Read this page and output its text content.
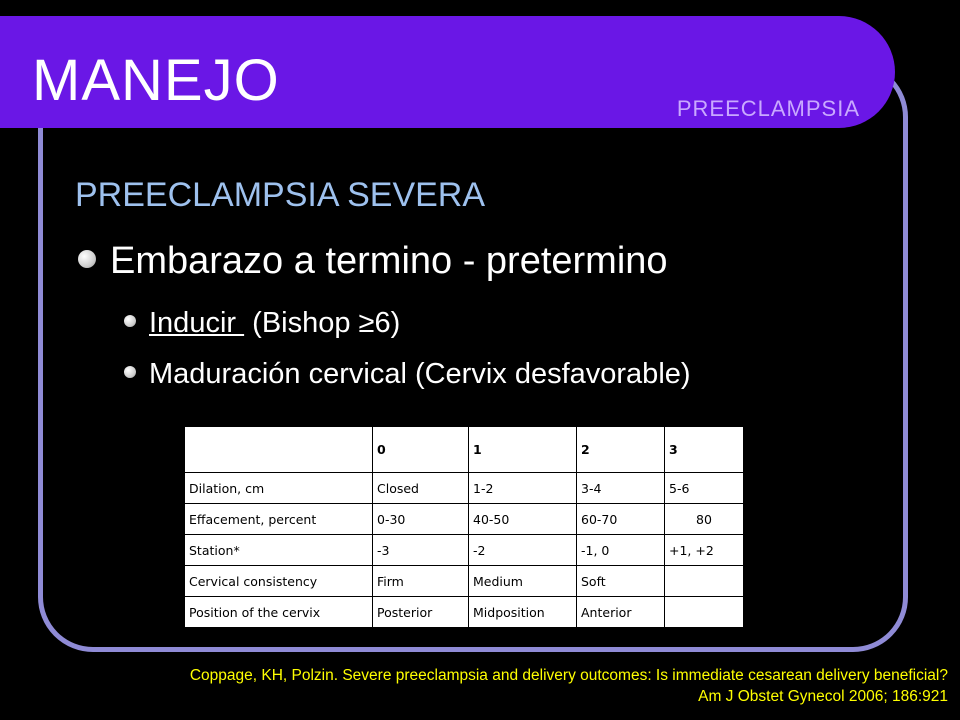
MANEJO	PREECLAMPSIA
PREECLAMPSIA SEVERA
Embarazo a termino - pretermino
Inducir  (Bishop ≥6)
Maduración cervical (Cervix desfavorable)
	0	1	2	3
Dilation, cm	Closed	1-2	3-4	5-6
Effacement, percent	0-30	40-50	60-70	80
Station*	-3	-2	-1, 0	+1, +2
Cervical consistency	Firm	Medium	Soft	
Position of the cervix	Posterior	Midposition	Anterior	
Coppage, KH, Polzin. Severe preeclampsia and delivery outcomes: Is immediate cesarean delivery beneficial?
Am J Obstet Gynecol 2006; 186:921
